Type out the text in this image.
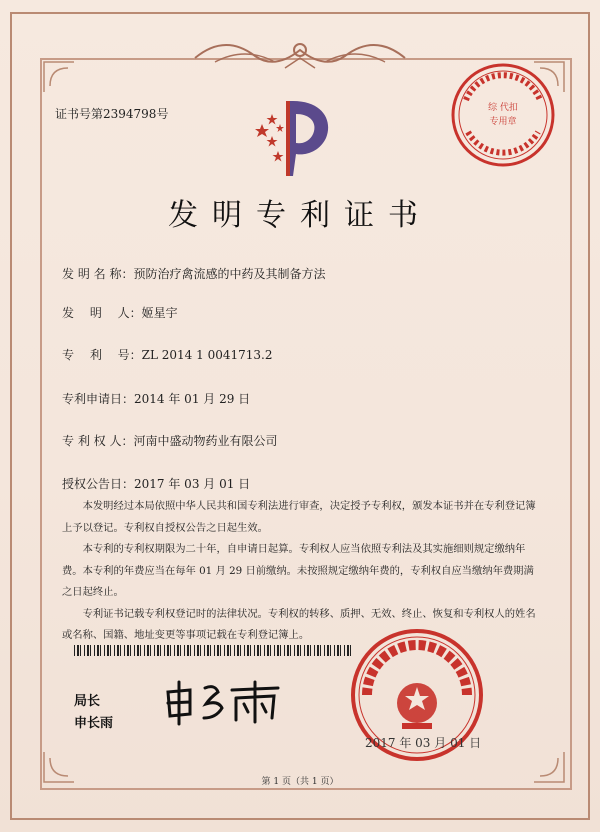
证书号第2394798号	综 代扣
专用章
发明专利证书
发 明 名 称：预防治疗禽流感的中药及其制备方法
发　 明　 人：姬星宇
专　 利　 号：ZL 2014 1 0041713.2
专利申请日：2014 年 01 月 29 日
专 利 权 人：河南中盛动物药业有限公司
授权公告日：2017 年 03 月 01 日

本发明经过本局依照中华人民共和国专利法进行审查，决定授予专利权，颁发本证书并在专利登记簿上予以登记。专利权自授权公告之日起生效。

本专利的专利权期限为二十年，自申请日起算。专利权人应当依照专利法及其实施细则规定缴纳年费。本专利的年费应当在每年 01 月 29 日前缴纳。未按照规定缴纳年费的，专利权自应当缴纳年费期满之日起终止。

专利证书记载专利权登记时的法律状况。专利权的转移、质押、无效、终止、恢复和专利权人的姓名或名称、国籍、地址变更等事项记载在专利登记簿上。

局长
申长雨
2017 年 03 月 01 日
第 1 页（共 1 页）
